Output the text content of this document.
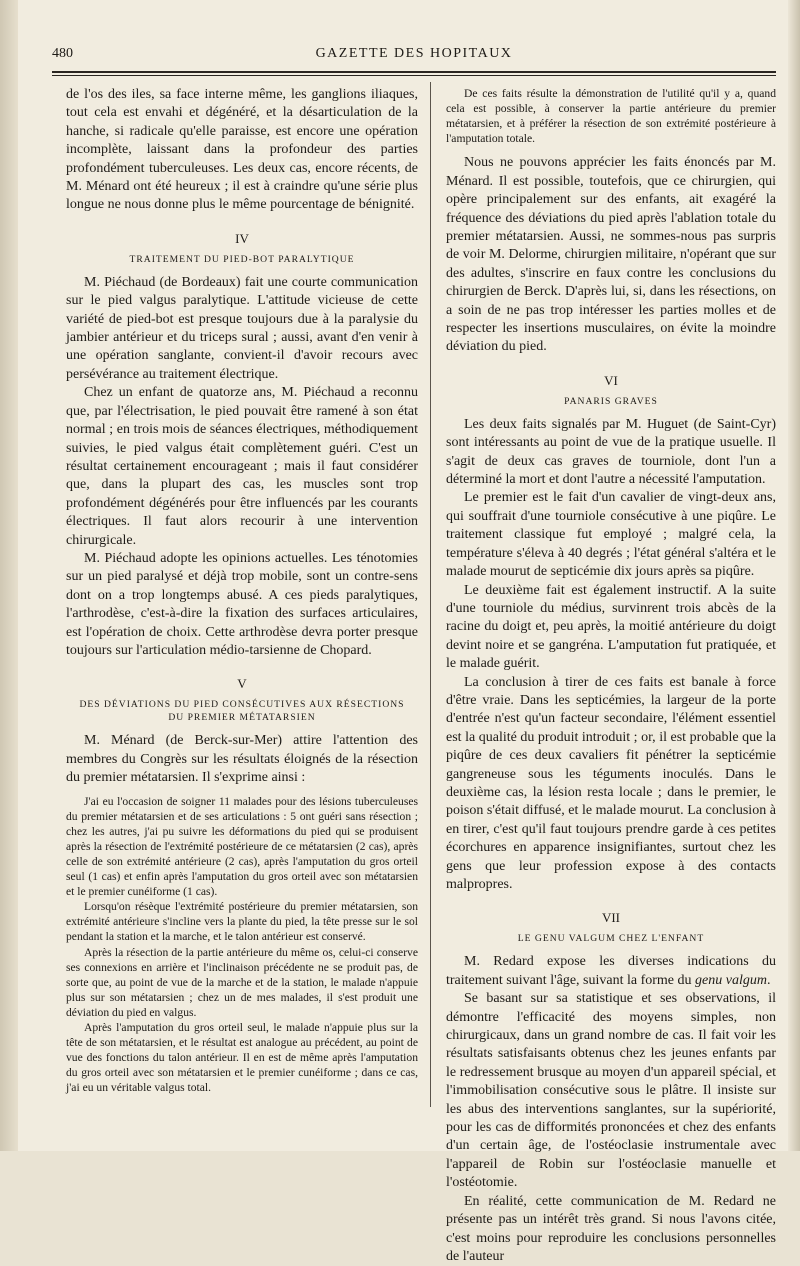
480	GAZETTE DES HOPITAUX

de l'os des iles, sa face interne même, les ganglions iliaques, tout cela est envahi et dégénéré, et la désarticulation de la hanche, si radicale qu'elle paraisse, est encore une opération incomplète, laissant dans la profondeur des parties profondément tuberculeuses. Les deux cas, encore récents, de M. Ménard ont été heureux ; il est à craindre qu'une série plus longue ne nous donne plus le même pourcentage de bénignité.

IV
TRAITEMENT DU PIED-BOT PARALYTIQUE

M. Piéchaud (de Bordeaux) fait une courte communication sur le pied valgus paralytique. L'attitude vicieuse de cette variété de pied-bot est presque toujours due à la paralysie du jambier antérieur et du triceps sural ; aussi, avant d'en venir à une opération sanglante, convient-il d'avoir recours avec persévérance au traitement électrique.

Chez un enfant de quatorze ans, M. Piéchaud a reconnu que, par l'électrisation, le pied pouvait être ramené à son état normal ; en trois mois de séances électriques, méthodiquement suivies, le pied valgus était complètement guéri. C'est un résultat certainement encourageant ; mais il faut considérer que, dans la plupart des cas, les muscles sont trop profondément dégénérés pour être influencés par les courants électriques. Il faut alors recourir à une intervention chirurgicale.

M. Piéchaud adopte les opinions actuelles. Les ténotomies sur un pied paralysé et déjà trop mobile, sont un contre-sens dont on a trop longtemps abusé. A ces pieds paralytiques, l'arthrodèse, c'est-à-dire la fixation des surfaces articulaires, est l'opération de choix. Cette arthrodèse devra porter presque toujours sur l'articulation médio-tarsienne de Chopard.

V
DES DÉVIATIONS DU PIED CONSÉCUTIVES AUX RÉSECTIONS
DU PREMIER MÉTATARSIEN

M. Ménard (de Berck-sur-Mer) attire l'attention des membres du Congrès sur les résultats éloignés de la résection du premier métatarsien. Il s'exprime ainsi :

J'ai eu l'occasion de soigner 11 malades pour des lésions tuberculeuses du premier métatarsien et de ses articulations : 5 ont guéri sans résection ; chez les autres, j'ai pu suivre les déformations du pied qui se produisent après la résection de l'extrémité postérieure de ce métatarsien (2 cas), après celle de son extrémité antérieure (2 cas), après l'amputation du gros orteil seul (1 cas) et enfin après l'amputation du gros orteil avec son métatarsien et le premier cunéiforme (1 cas).

Lorsqu'on résèque l'extrémité postérieure du premier métatarsien, son extrémité antérieure s'incline vers la plante du pied, la tête presse sur le sol pendant la station et la marche, et le talon antérieur est conservé.

Après la résection de la partie antérieure du même os, celui-ci conserve ses connexions en arrière et l'inclinaison précédente ne se produit pas, de sorte que, au point de vue de la marche et de la station, le malade n'appuie plus sur son métatarsien ; chez un de mes malades, il s'est produit une déviation du pied en valgus.

Après l'amputation du gros orteil seul, le malade n'appuie plus sur la tête de son métatarsien, et le résultat est analogue au précédent, au point de vue des fonctions du talon antérieur. Il en est de même après l'amputation du gros orteil avec son métatarsien et le premier cunéiforme ; dans ce cas, j'ai eu un véritable valgus total.

De ces faits résulte la démonstration de l'utilité qu'il y a, quand cela est possible, à conserver la partie antérieure du premier métatarsien, et à préférer la résection de son extrémité postérieure à l'amputation totale.

Nous ne pouvons apprécier les faits énoncés par M. Ménard. Il est possible, toutefois, que ce chirurgien, qui opère principalement sur des enfants, ait exagéré la fréquence des déviations du pied après l'ablation totale du premier métatarsien. Aussi, ne sommes-nous pas surpris de voir M. Delorme, chirurgien militaire, n'opérant que sur des adultes, s'inscrire en faux contre les conclusions du chirurgien de Berck. D'après lui, si, dans les résections, on a soin de ne pas trop intéresser les parties molles et de respecter les insertions musculaires, on évite la moindre déviation du pied.

VI
PANARIS GRAVES

Les deux faits signalés par M. Huguet (de Saint-Cyr) sont intéressants au point de vue de la pratique usuelle. Il s'agit de deux cas graves de tourniole, dont l'un a déterminé la mort et dont l'autre a nécessité l'amputation.

Le premier est le fait d'un cavalier de vingt-deux ans, qui souffrait d'une tourniole consécutive à une piqûre. Le traitement classique fut employé ; malgré cela, la température s'éleva à 40 degrés ; l'état général s'altéra et le malade mourut de septicémie dix jours après sa piqûre.

Le deuxième fait est également instructif. A la suite d'une tourniole du médius, survinrent trois abcès de la racine du doigt et, peu après, la moitié antérieure du doigt devint noire et se gangréna. L'amputation fut pratiquée, et le malade guérit.

La conclusion à tirer de ces faits est banale à force d'être vraie. Dans les septicémies, la largeur de la porte d'entrée n'est qu'un facteur secondaire, l'élément essentiel est la qualité du produit introduit ; or, il est probable que la piqûre de ces deux cavaliers fit pénétrer la septicémie gangreneuse sous les téguments inoculés. Dans le deuxième cas, la lésion resta locale ; dans le premier, le poison s'était diffusé, et le malade mourut. La conclusion à en tirer, c'est qu'il faut toujours prendre garde à ces petites écorchures en apparence insignifiantes, surtout chez les gens que leur profession expose à des contacts malpropres.

VII
LE GENU VALGUM CHEZ L'ENFANT

M. Redard expose les diverses indications du traitement suivant l'âge, suivant la forme du genu valgum.

Se basant sur sa statistique et ses observations, il démontre l'efficacité des moyens simples, non chirurgicaux, dans un grand nombre de cas. Il fait voir les résultats satisfaisants obtenus chez les jeunes enfants par le redressement brusque au moyen d'un appareil spécial, et l'immobilisation consécutive sous le plâtre. Il insiste sur les abus des interventions sanglantes, sur la supériorité, pour les cas de difformités prononcées et chez des enfants d'un certain âge, de l'ostéoclasie instrumentale avec l'appareil de Robin sur l'ostéoclasie manuelle et l'ostéotomie.

En réalité, cette communication de M. Redard ne présente pas un intérêt très grand. Si nous l'avons citée, c'est moins pour reproduire les conclusions personnelles de l'auteur
